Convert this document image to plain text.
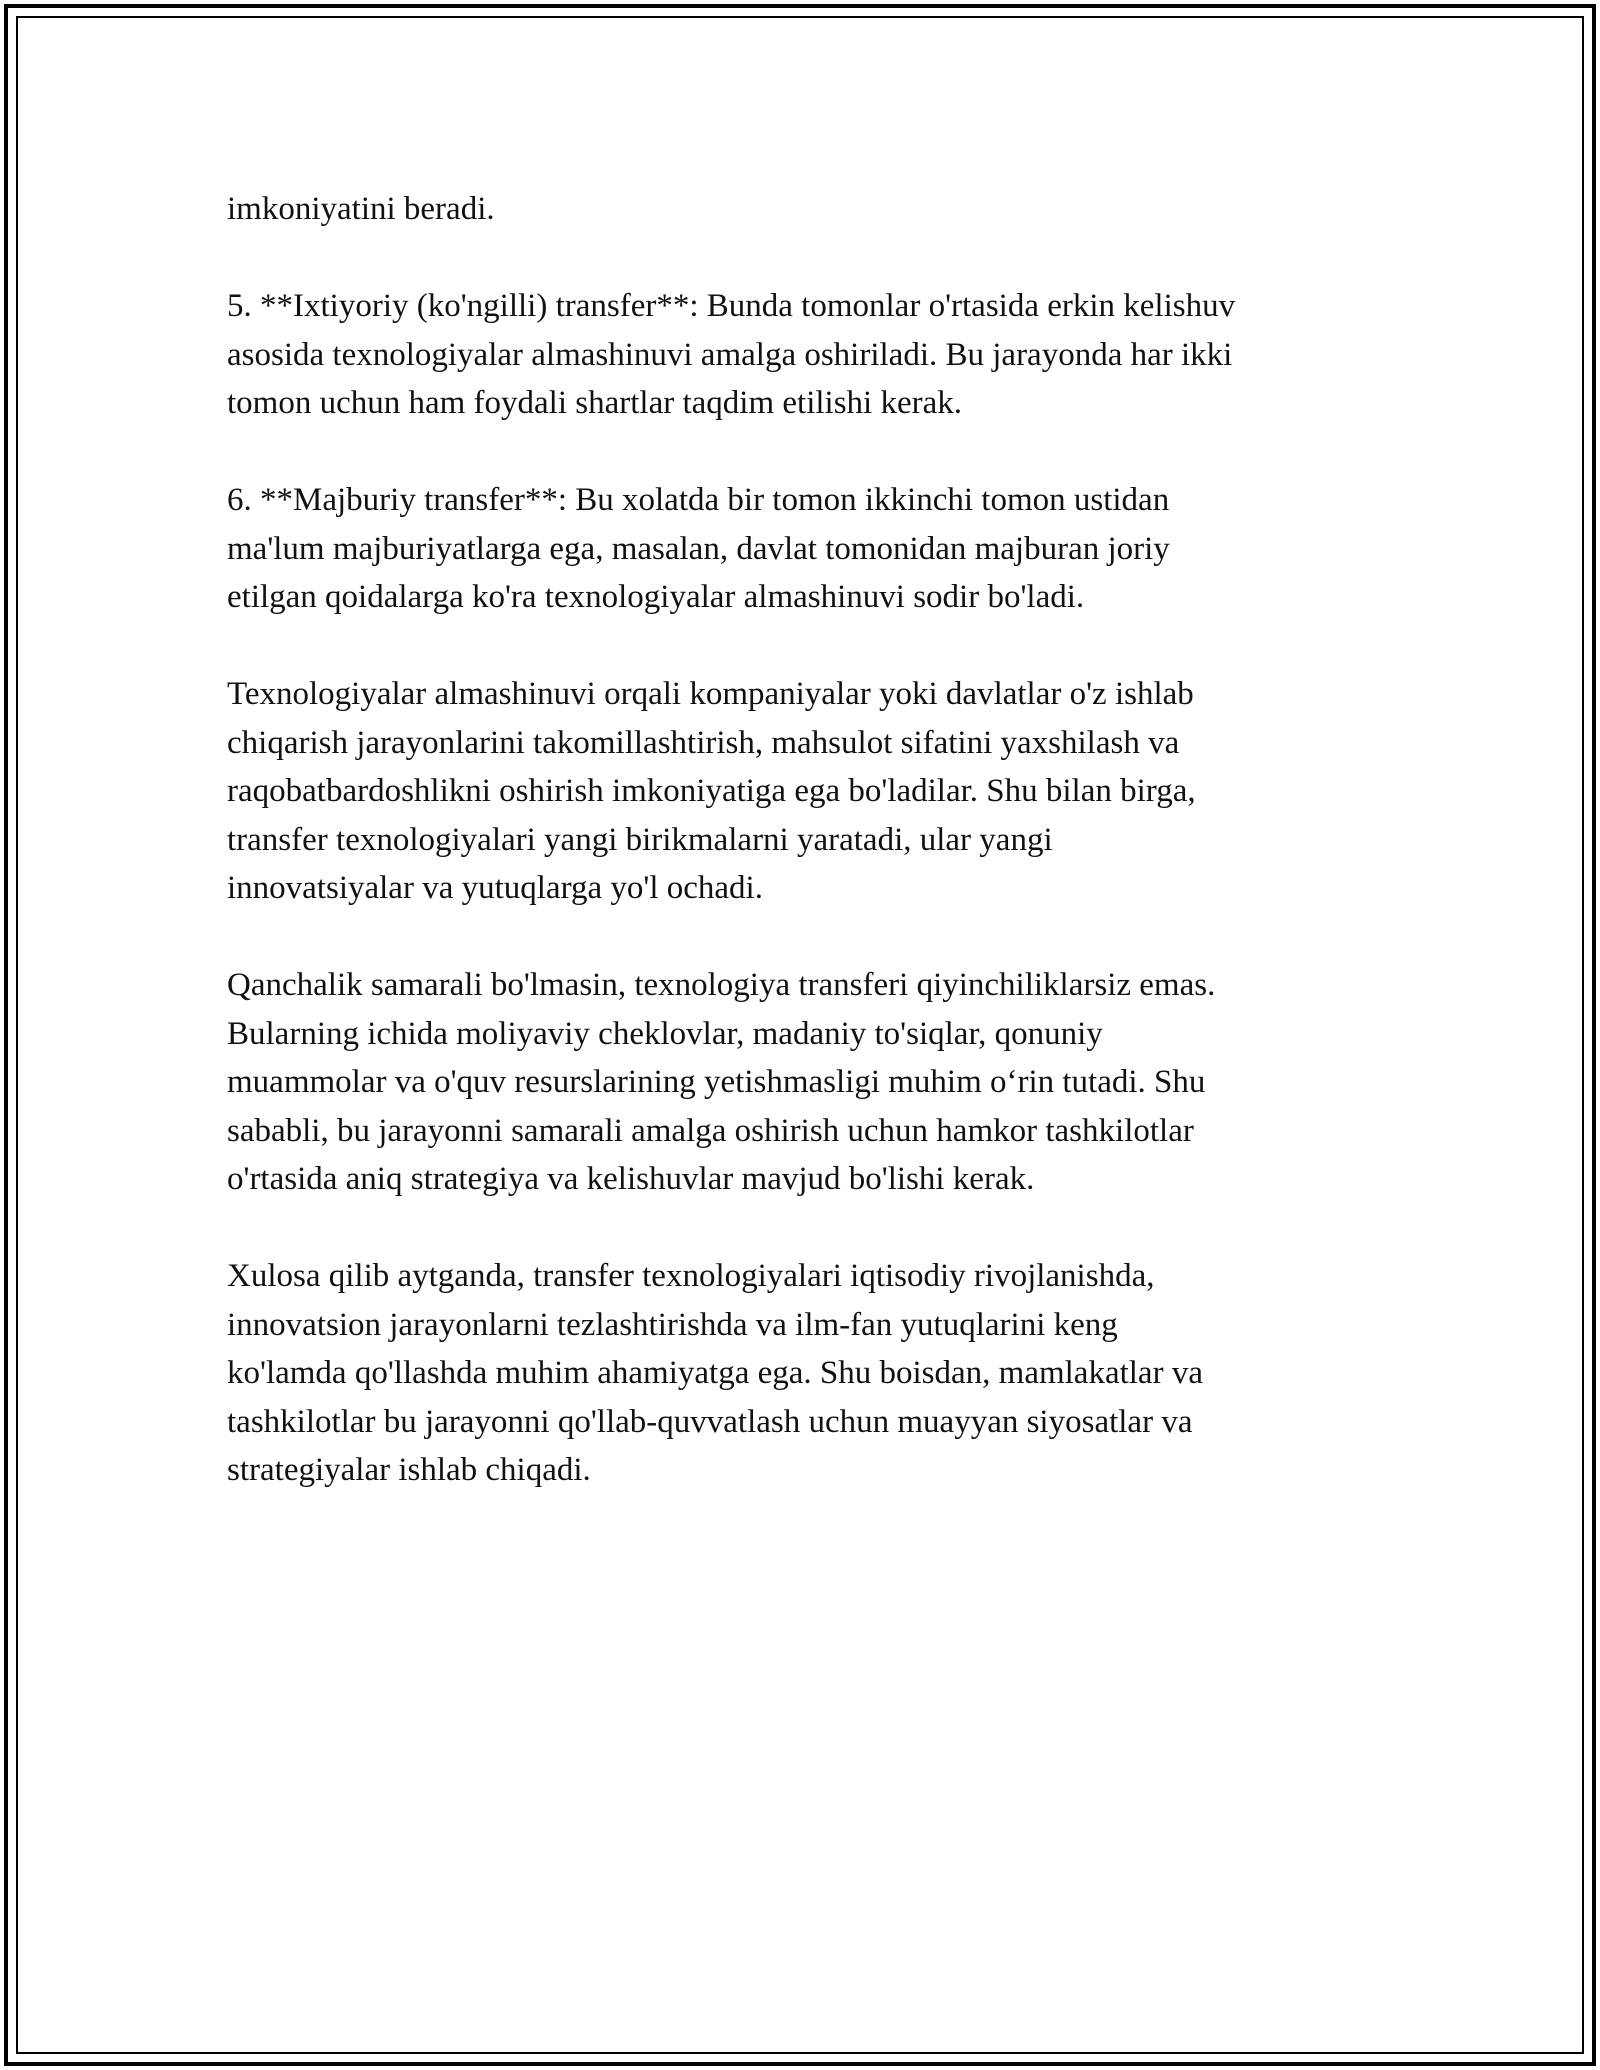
imkoniyatini beradi.

5. **Ixtiyoriy (ko'ngilli) transfer**: Bunda tomonlar o'rtasida erkin kelishuv
asosida texnologiyalar almashinuvi amalga oshiriladi. Bu jarayonda har ikki
tomon uchun ham foydali shartlar taqdim etilishi kerak.

6. **Majburiy transfer**: Bu xolatda bir tomon ikkinchi tomon ustidan
ma'lum majburiyatlarga ega, masalan, davlat tomonidan majburan joriy
etilgan qoidalarga ko'ra texnologiyalar almashinuvi sodir bo'ladi.

Texnologiyalar almashinuvi orqali kompaniyalar yoki davlatlar o'z ishlab
chiqarish jarayonlarini takomillashtirish, mahsulot sifatini yaxshilash va
raqobatbardoshlikni oshirish imkoniyatiga ega bo'ladilar. Shu bilan birga,
transfer texnologiyalari yangi birikmalarni yaratadi, ular yangi
innovatsiyalar va yutuqlarga yo'l ochadi.

Qanchalik samarali bo'lmasin, texnologiya transferi qiyinchiliklarsiz emas.
Bularning ichida moliyaviy cheklovlar, madaniy to'siqlar, qonuniy
muammolar va o'quv resurslarining yetishmasligi muhim o‘rin tutadi. Shu
sababli, bu jarayonni samarali amalga oshirish uchun hamkor tashkilotlar
o'rtasida aniq strategiya va kelishuvlar mavjud bo'lishi kerak.

Xulosa qilib aytganda, transfer texnologiyalari iqtisodiy rivojlanishda,
innovatsion jarayonlarni tezlashtirishda va ilm-fan yutuqlarini keng
ko'lamda qo'llashda muhim ahamiyatga ega. Shu boisdan, mamlakatlar va
tashkilotlar bu jarayonni qo'llab-quvvatlash uchun muayyan siyosatlar va
strategiyalar ishlab chiqadi.
